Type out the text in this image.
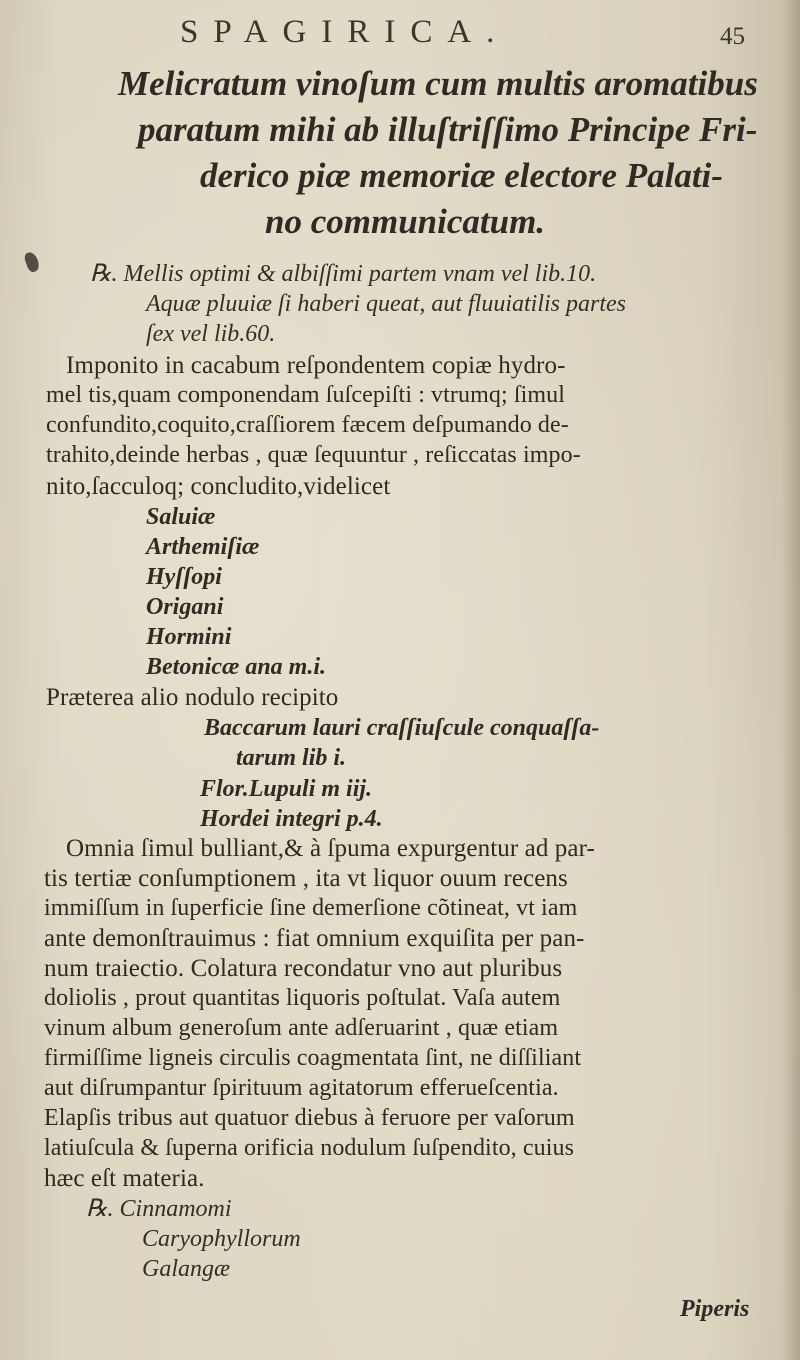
SPAGIRICA.	45
Melicratum vinoſum cum multis aromatibus
paratum mihi ab illuſtriſſimo Principe Fri-
derico piæ memoriæ electore Palati-
no communicatum.
℞. Mellis optimi & albiſſimi partem vnam vel lib.10.
Aquæ pluuiæ ſi haberi queat, aut fluuiatilis partes
ſex vel lib.60.
Imponito in cacabum reſpondentem copiæ hydro-
mel tis,quam componendam ſuſcepiſti : vtrumq; ſimul
confundito,coquito,craſſiorem fæcem deſpumando de-
trahito,deinde herbas , quæ ſequuntur , reſiccatas impo-
nito,ſacculoq; concludito,videlicet
Saluiæ
Arthemiſiæ
Hyſſopi
Origani
Hormini
Betonicæ ana m.i.
Præterea alio nodulo recipito
Baccarum lauri craſſiuſcule conquaſſa-
tarum lib i.
Flor.Lupuli m iij.
Hordei integri p.4.
Omnia ſimul bulliant,& à ſpuma expurgentur ad par-
tis tertiæ conſumptionem , ita vt liquor ouum recens
immiſſum in ſuperficie ſine demerſione cõtineat, vt iam
ante demonſtrauimus : fiat omnium exquiſita per pan-
num traiectio. Colatura recondatur vno aut pluribus
doliolis , prout quantitas liquoris poſtulat. Vaſa autem
vinum album generoſum ante adſeruarint , quæ etiam
firmiſſime ligneis circulis coagmentata ſint, ne diſſiliant
aut diſrumpantur ſpirituum agitatorum efferueſcentia.
Elapſis tribus aut quatuor diebus à feruore per vaſorum
latiuſcula & ſuperna orificia nodulum ſuſpendito, cuius
hæc eſt materia.
℞. Cinnamomi
Caryophyllorum
Galangæ
Piperis
